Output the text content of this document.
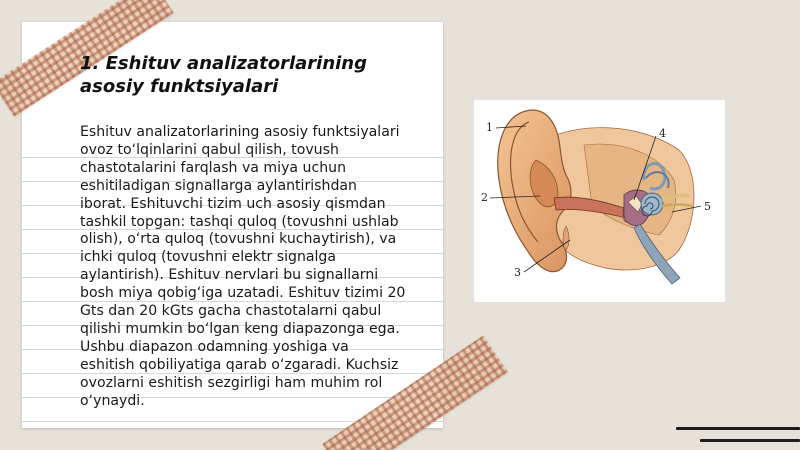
1. Eshituv analizatorlarining asosiy funktsiyalari

Eshituv analizatorlarining asosiy funktsiyalari
ovoz to‘lqinlarini qabul qilish, tovush
chastotalarini farqlash va miya uchun
eshitiladigan signallarga aylantirishdan
iborat. Eshituvchi tizim uch asosiy qismdan
tashkil topgan: tashqi quloq (tovushni ushlab
olish), o‘rta quloq (tovushni kuchaytirish), va
ichki quloq (tovushni elektr signalga
aylantirish). Eshituv nervlari bu signallarni
bosh miya qobig‘iga uzatadi. Eshituv tizimi 20
Gts dan 20 kGts gacha chastotalarni qabul
qilishi mumkin bo‘lgan keng diapazonga ega.
Ushbu diapazon odamning yoshiga va
eshitish qobiliyatiga qarab o‘zgaradi. Kuchsiz
ovozlarni eshitish sezgirligi ham muhim rol
o‘ynaydi.

1
2
3
4
5
